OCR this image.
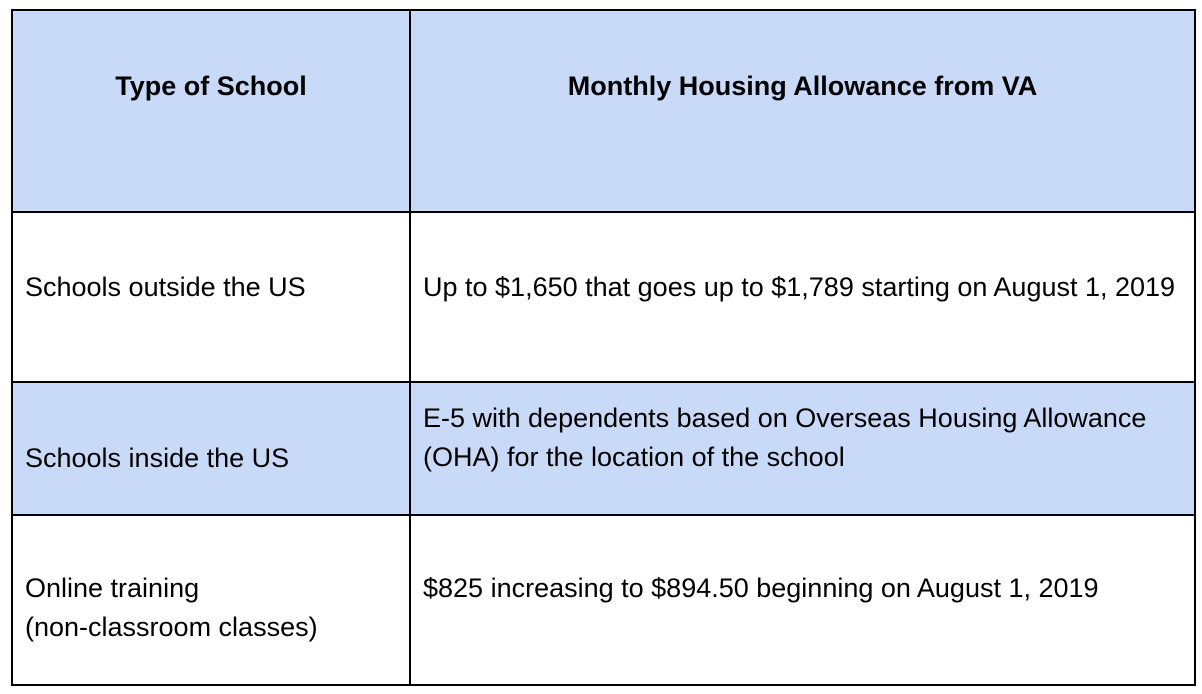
Type of School	Monthly Housing Allowance from VA

Schools outside the US	Up to $1,650 that goes up to $1,789 starting on August 1, 2019

Schools inside the US	E-5 with dependents based on Overseas Housing Allowance (OHA) for the location of the school

Online training
(non-classroom classes)	$825 increasing to $894.50 beginning on August 1, 2019
